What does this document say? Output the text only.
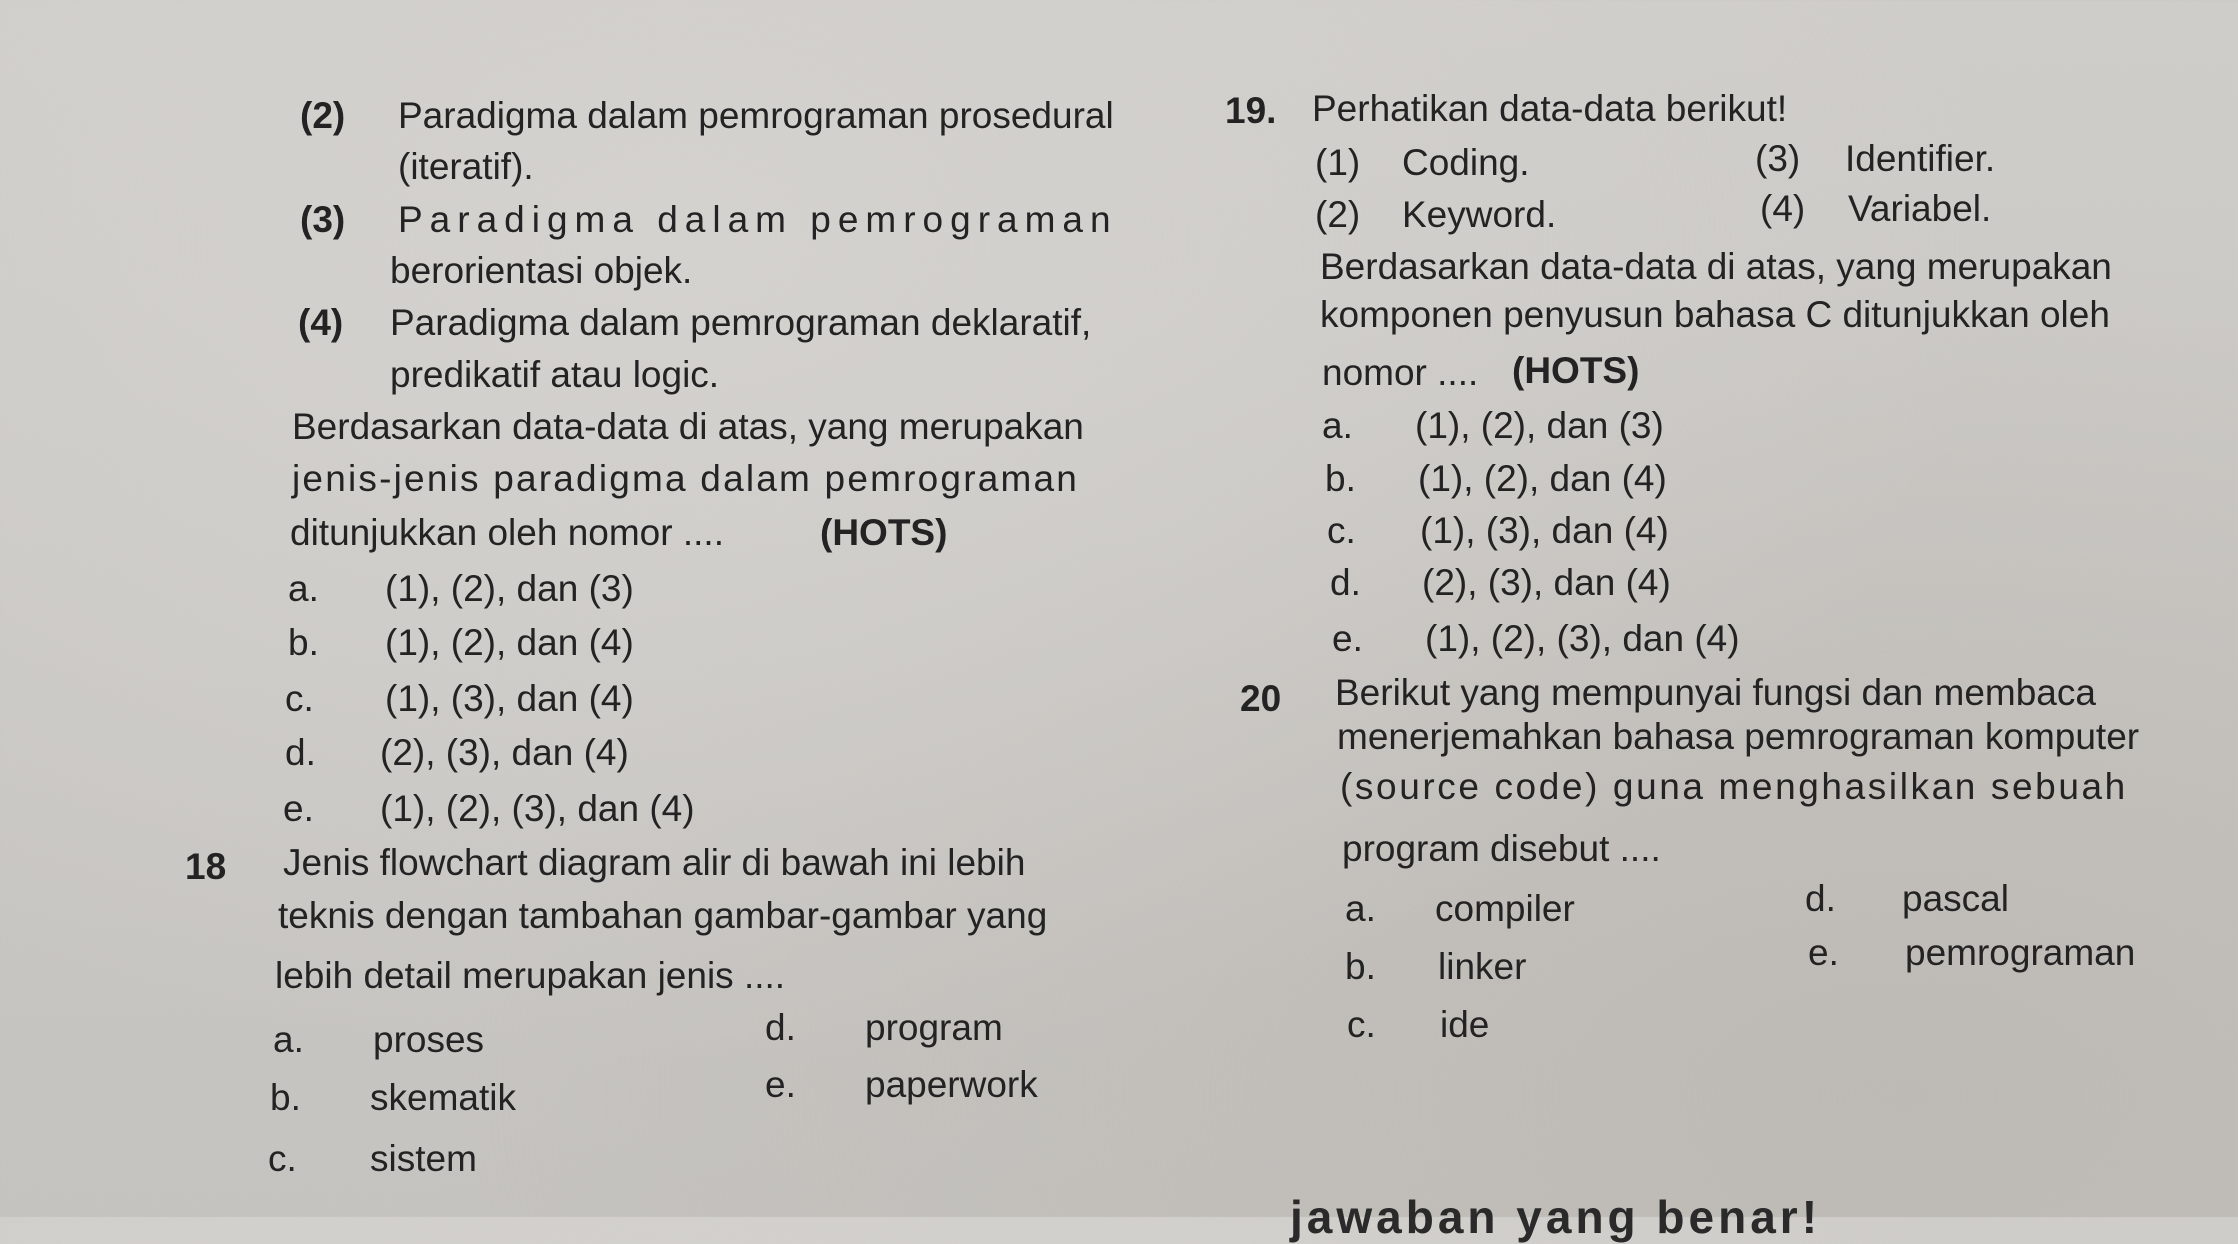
(2) Paradigma dalam pemrograman prosedural
(iteratif).
(3) Paradigma dalam pemrograman
berorientasi objek.
(4) Paradigma dalam pemrograman deklaratif,
predikatif atau logic.
Berdasarkan data-data di atas, yang merupakan
jenis-jenis paradigma dalam pemrograman
ditunjukkan oleh nomor ....	(HOTS)
a. (1), (2), dan (3)
b. (1), (2), dan (4)
c. (1), (3), dan (4)
d. (2), (3), dan (4)
e. (1), (2), (3), dan (4)
18 Jenis flowchart diagram alir di bawah ini lebih
teknis dengan tambahan gambar-gambar yang
lebih detail merupakan jenis ....
a. proses
b. skematik
c. sistem
d. program
e. paperwork
19. Perhatikan data-data berikut!
(1) Coding.	(3) Identifier.
(2) Keyword.	(4) Variabel.
Berdasarkan data-data di atas, yang merupakan
komponen penyusun bahasa C ditunjukkan oleh
nomor .... (HOTS)
a. (1), (2), dan (3)
b. (1), (2), dan (4)
c. (1), (3), dan (4)
d. (2), (3), dan (4)
e. (1), (2), (3), dan (4)
20 Berikut yang mempunyai fungsi dan membaca
menerjemahkan bahasa pemrograman komputer
(source code) guna menghasilkan sebuah
program disebut ....
a. compiler
b. linker
c. ide
d. pascal
e. pemrograman
jawaban yang benar!
